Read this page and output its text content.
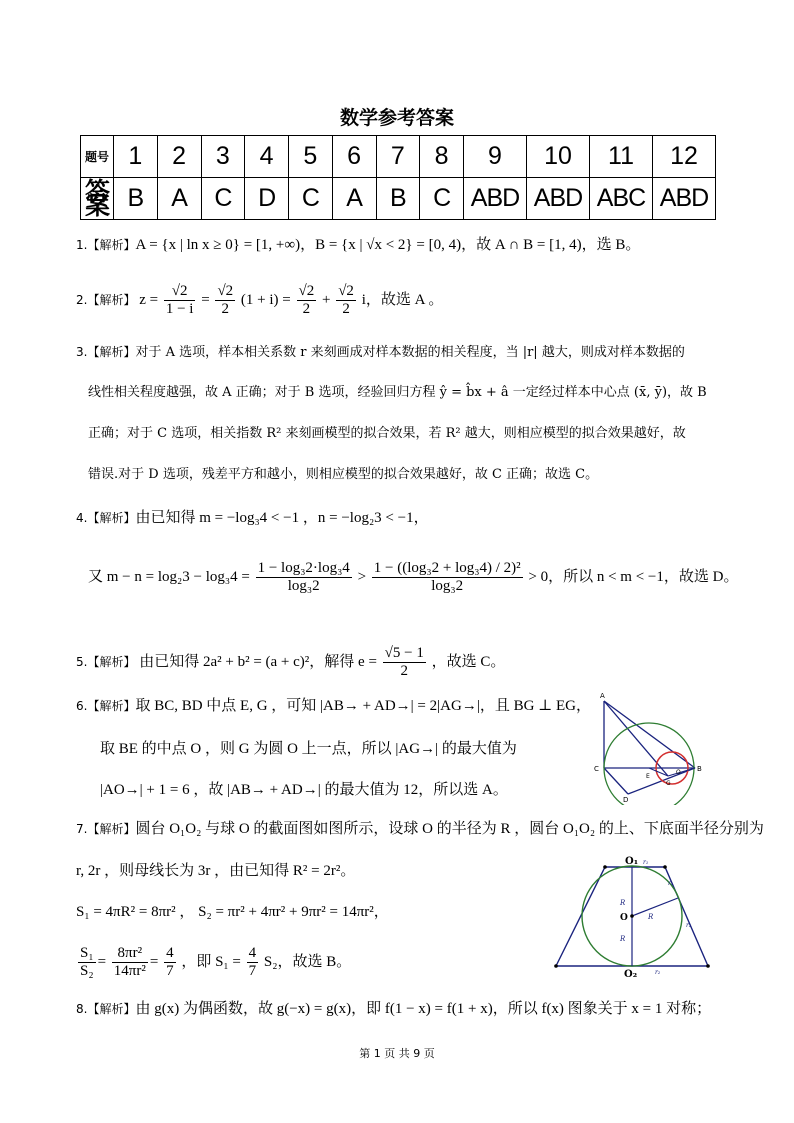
数学参考答案
题号	1	2	3	4	5	6	7	8	9	10	11	12
答案	B	A	C	D	C	A	B	C	ABD	ABD	ABC	ABD
1.【解析】A = {x | ln x ≥ 0} = [1, +∞)，B = {x | √x < 2} = [0, 4)，故 A ∩ B = [1, 4)，选 B。
2.【解析】 $z = \frac{√2}{1 - i} = \frac{√2}{2} (1 + i) = \frac{√2}{2} + \frac{√2}{2}$ i，故选 A 。
3.【解析】对于 A 选项，样本相关系数 r 来刻画成对样本数据的相关程度，当 |r| 越大，则成对样本数据的
线性相关程度越强，故 A 正确；对于 B 选项，经验回归方程 ŷ = b̂x + â 一定经过样本中心点 (x̄, ȳ)，故 B
正确；对于 C 选项，相关指数 R² 来刻画模型的拟合效果，若 R² 越大，则相应模型的拟合效果越好，故
错误.对于 D 选项，残差平方和越小，则相应模型的拟合效果越好，故 C 正确；故选 C。
4.【解析】由已知得 m = −log₃4 < −1 ，n = −log₂3 < −1，
又 $m - n = \log_23 - \log_34 = \frac{\text{1 − log₃2·log₃4}}{\text{log₃2}} > \frac{\text{1 − ((log₃2 + log₃4) / 2)²}}{\text{log₃2}} > 0$，所以 n < m < −1，故选 D。
5.【解析】 由已知得 2a² + b² = (a + c)²，解得 $e = \frac{√5 - 1}{2}$ ，故选 C。
6.【解析】取 BC, BD 中点 E, G ，可知 |AB→ + AD→| = 2|AG→|，且 BG ⊥ EG，
取 BE 的中点 O ，则 G 为圆 O 上一点，所以 |AG→| 的最大值为
|AO→| + 1 = 6 ，故 |AB→ + AD→| 的最大值为 12，所以选 A。
A
C
E
O
G
B
D
7.【解析】圆台 O₁O₂ 与球 O 的截面图如图所示，设球 O 的半径为 R ，圆台 O₁O₂ 的上、下底面半径分别为
r, 2r ，则母线长为 3r ，由已知得 R² = 2r²。
S₁ = 4πR² = 8πr² ， S₂ = πr² + 4πr² + 9πr² = 14πr²，
$\frac{\text{S₁}}{\text{S₂}} = \frac{\text{8πr²}}{\text{14πr²}} = \frac{4}{7}$ ，即 $S_1 = \frac{4}{7} S_2$，故选 B。
O₁ r₁
r₁
R
O
R
R
r₂
O₂	r₂
8.【解析】由 g(x) 为偶函数，故 g(−x) = g(x)，即 f(1 − x) = f(1 + x)，所以 f(x) 图象关于 x = 1 对称；
第 1 页 共 9 页
